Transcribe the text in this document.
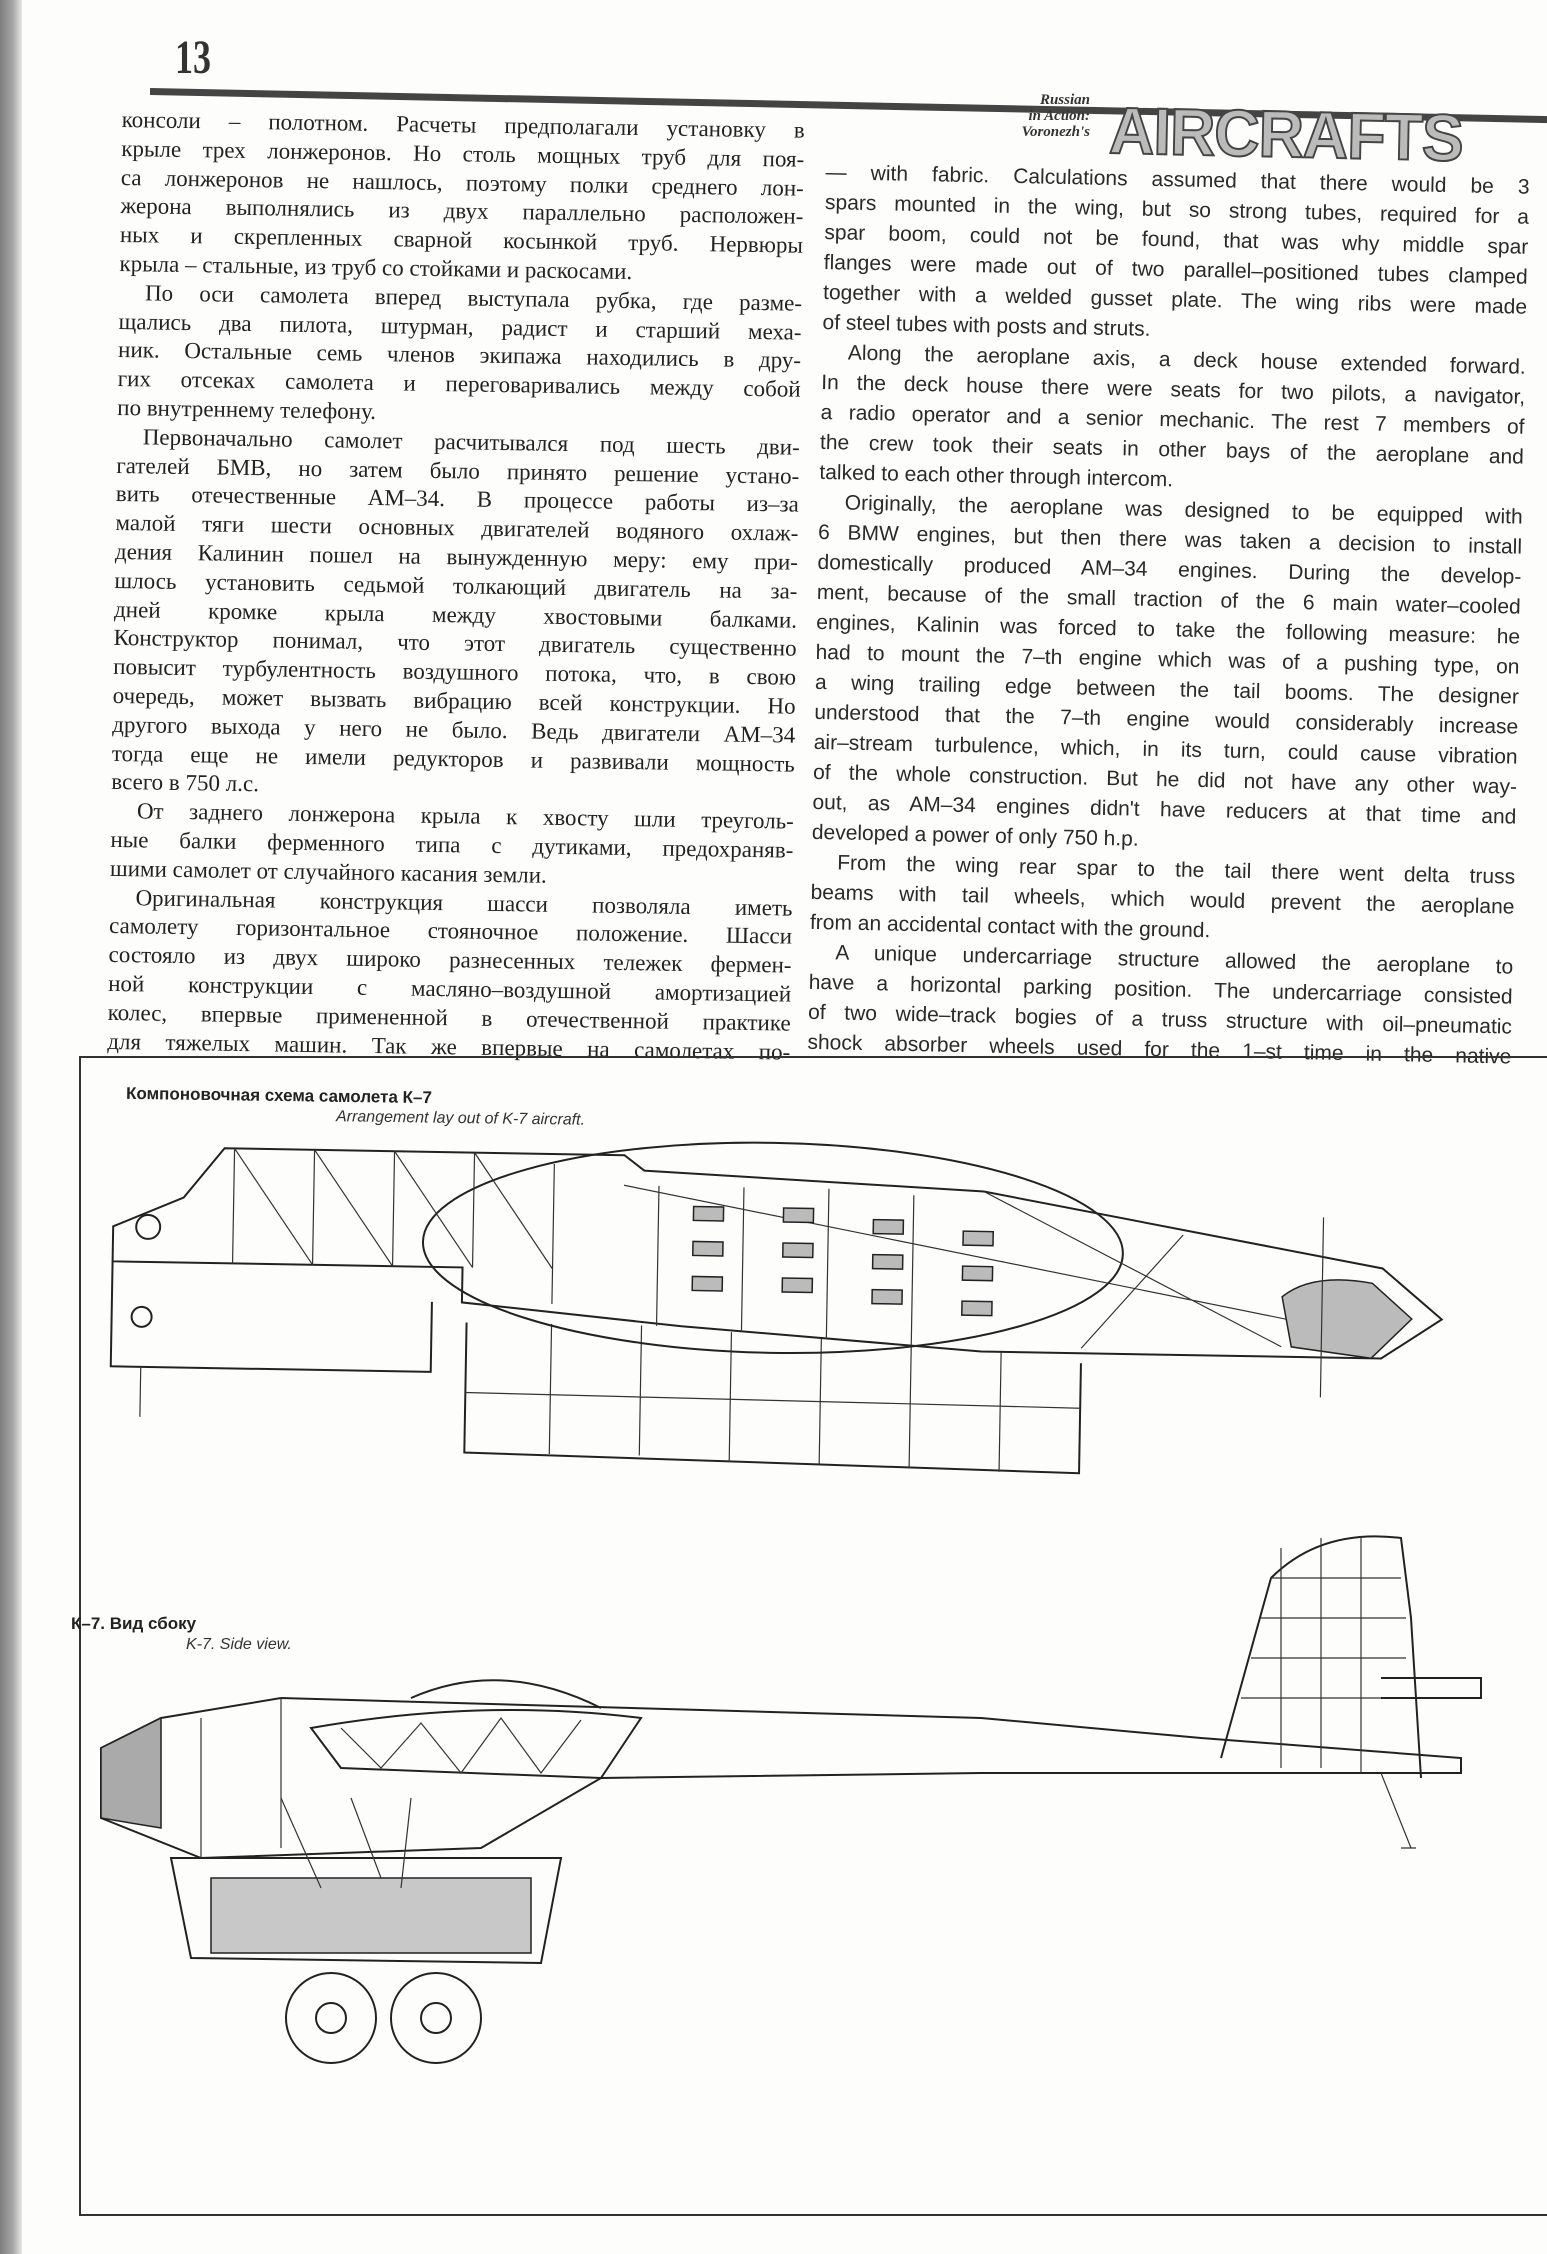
13
Russian
in Action:
Voronezh's AIRCRAFTS
консоли – полотном. Расчеты предполагали установку в
крыле трех лонжеронов. Но столь мощных труб для поя-
са лонжеронов не нашлось, поэтому полки среднего лон-
жерона выполнялись из двух параллельно расположен-
ных и скрепленных сварной косынкой труб. Нервюры
крыла – стальные, из труб со стойками и раскосами.
По оси самолета вперед выступала рубка, где разме-
щались два пилота, штурман, радист и старший меха-
ник. Остальные семь членов экипажа находились в дру-
гих отсеках самолета и переговаривались между собой
по внутреннему телефону.
Первоначально самолет расчитывался под шесть дви-
гателей БМВ, но затем было принято решение устано-
вить отечественные АМ–34. В процессе работы из–за
малой тяги шести основных двигателей водяного охлаж-
дения Калинин пошел на вынужденную меру: ему при-
шлось установить седьмой толкающий двигатель на за-
дней кромке крыла между хвостовыми балками.
Конструктор понимал, что этот двигатель существенно
повысит турбулентность воздушного потока, что, в свою
очередь, может вызвать вибрацию всей конструкции. Но
другого выхода у него не было. Ведь двигатели АМ–34
тогда еще не имели редукторов и развивали мощность
всего в 750 л.с.
От заднего лонжерона крыла к хвосту шли треуголь-
ные балки ферменного типа с дутиками, предохраняв-
шими самолет от случайного касания земли.
Оригинальная конструкция шасси позволяла иметь
самолету горизонтальное стояночное положение. Шасси
состояло из двух широко разнесенных тележек фермен-
ной конструкции с масляно–воздушной амортизацией
колес, впервые примененной в отечественной практике
для тяжелых машин. Так же впервые на самолетах по-
— with fabric. Calculations assumed that there would be 3
spars mounted in the wing, but so strong tubes, required for a
spar boom, could not be found, that was why middle spar
flanges were made out of two parallel–positioned tubes clamped
together with a welded gusset plate. The wing ribs were made
of steel tubes with posts and struts.
Along the aeroplane axis, a deck house extended forward.
In the deck house there were seats for two pilots, a navigator,
a radio operator and a senior mechanic. The rest 7 members of
the crew took their seats in other bays of the aeroplane and
talked to each other through intercom.
Originally, the aeroplane was designed to be equipped with
6 BMW engines, but then there was taken a decision to install
domestically produced AM–34 engines. During the develop-
ment, because of the small traction of the 6 main water–cooled
engines, Kalinin was forced to take the following measure: he
had to mount the 7–th engine which was of a pushing type, on
a wing trailing edge between the tail booms. The designer
understood that the 7–th engine would considerably increase
air–stream turbulence, which, in its turn, could cause vibration
of the whole construction. But he did not have any other way-
out, as AM–34 engines didn't have reducers at that time and
developed a power of only 750 h.p.
From the wing rear spar to the tail there went delta truss
beams with tail wheels, which would prevent the aeroplane
from an accidental contact with the ground.
A unique undercarriage structure allowed the aeroplane to
have a horizontal parking position. The undercarriage consisted
of two wide–track bogies of a truss structure with oil–pneumatic
shock absorber wheels used for the 1–st time in the native
Компоновочная схема самолета К–7
Arrangement lay out of K-7 aircraft.
К–7. Вид сбоку
K-7. Side view.
